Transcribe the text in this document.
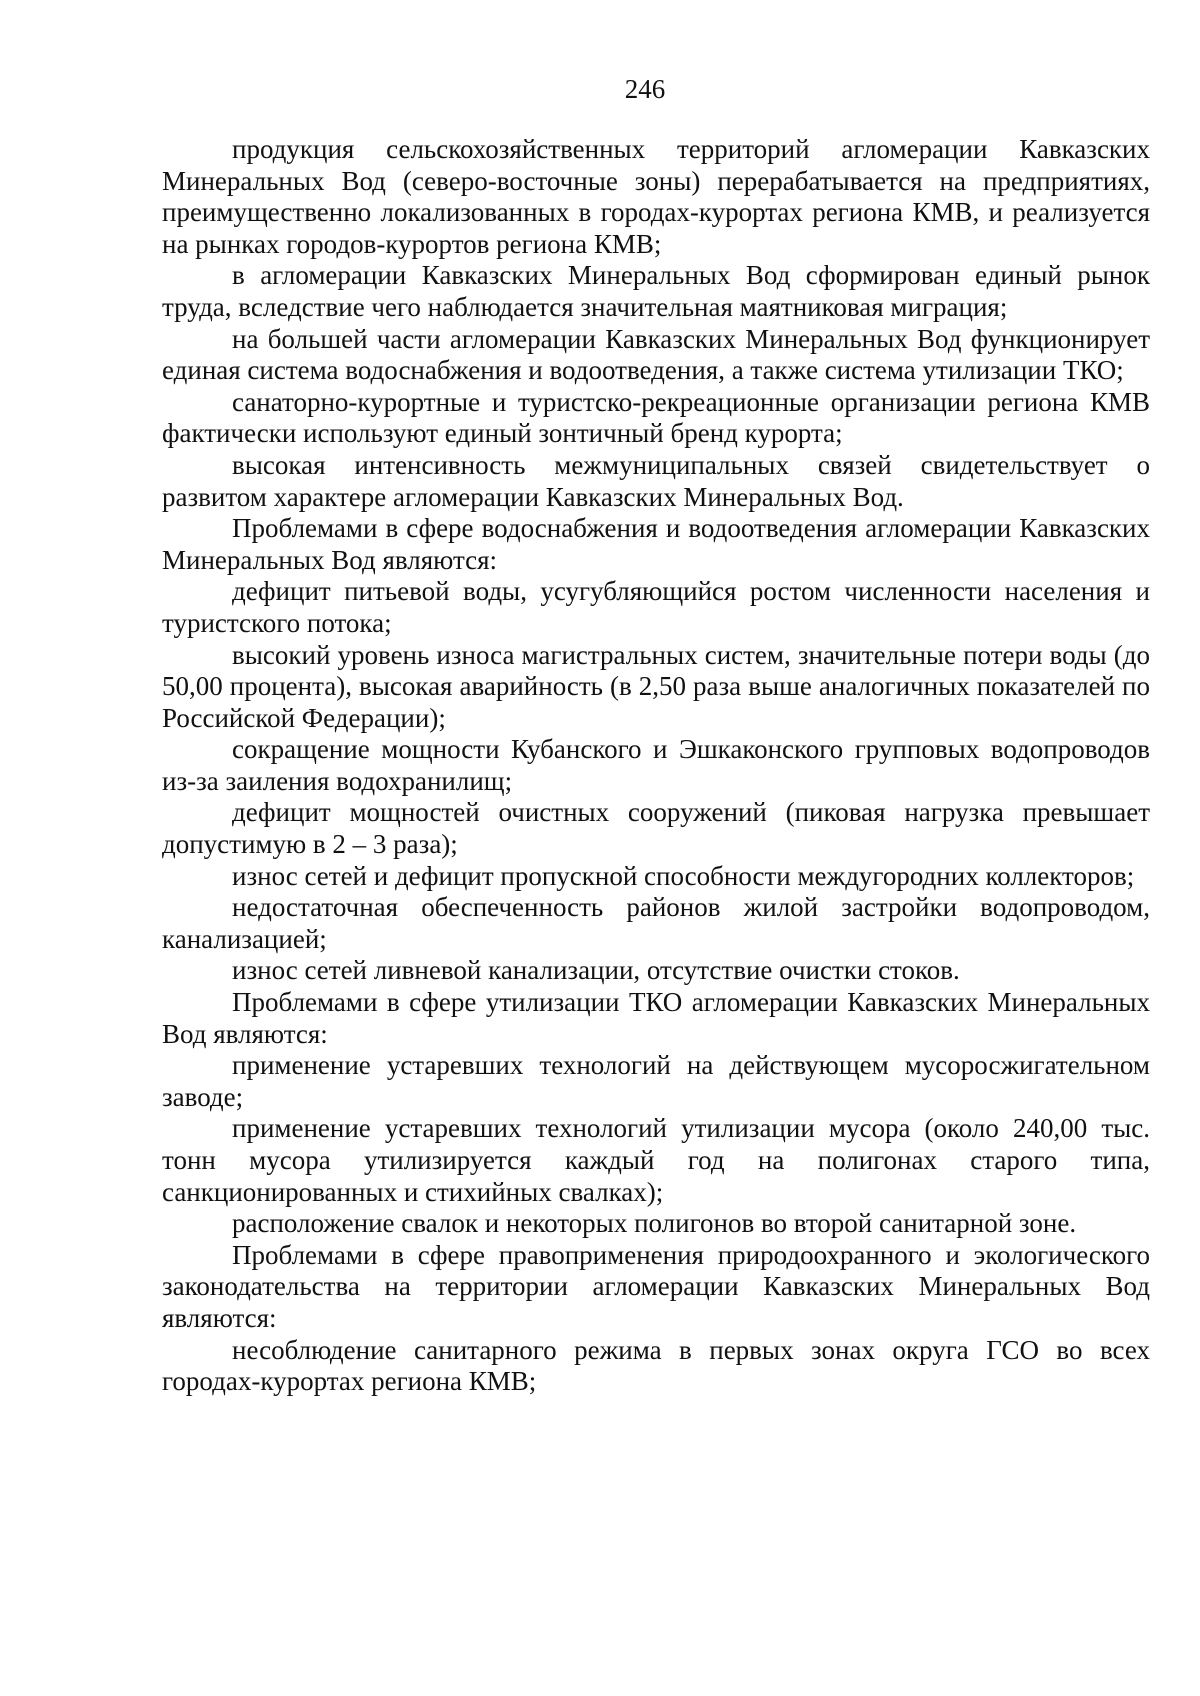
246

продукция сельскохозяйственных территорий агломерации Кавказских Минеральных Вод (северо-восточные зоны) перерабатывается на предприятиях, преимущественно локализованных в городах-курортах региона КМВ, и реализуется на рынках городов-курортов региона КМВ;

в агломерации Кавказских Минеральных Вод сформирован единый рынок труда, вследствие чего наблюдается значительная маятниковая миграция;

на большей части агломерации Кавказских Минеральных Вод функционирует единая система водоснабжения и водоотведения, а также система утилизации ТКО;

санаторно-курортные и туристско-рекреационные организации региона КМВ фактически используют единый зонтичный бренд курорта;

высокая интенсивность межмуниципальных связей свидетельствует о развитом характере агломерации Кавказских Минеральных Вод.

Проблемами в сфере водоснабжения и водоотведения агломерации Кавказских Минеральных Вод являются:

дефицит питьевой воды, усугубляющийся ростом численности населения и туристского потока;

высокий уровень износа магистральных систем, значительные потери воды (до 50,00 процента), высокая аварийность (в 2,50 раза выше аналогичных показателей по Российской Федерации);

сокращение мощности Кубанского и Эшкаконского групповых водопроводов из-за заиления водохранилищ;

дефицит мощностей очистных сооружений (пиковая нагрузка превышает допустимую в 2 – 3 раза);

износ сетей и дефицит пропускной способности междугородних коллекторов;

недостаточная обеспеченность районов жилой застройки водопроводом, канализацией;

износ сетей ливневой канализации, отсутствие очистки стоков.

Проблемами в сфере утилизации ТКО агломерации Кавказских Минеральных Вод являются:

применение устаревших технологий на действующем мусоросжигательном заводе;

применение устаревших технологий утилизации мусора (около 240,00 тыс. тонн мусора утилизируется каждый год на полигонах старого типа, санкционированных и стихийных свалках);

расположение свалок и некоторых полигонов во второй санитарной зоне.

Проблемами в сфере правоприменения природоохранного и экологического законодательства на территории агломерации Кавказских Минеральных Вод являются:

несоблюдение санитарного режима в первых зонах округа ГСО во всех городах-курортах региона КМВ;
